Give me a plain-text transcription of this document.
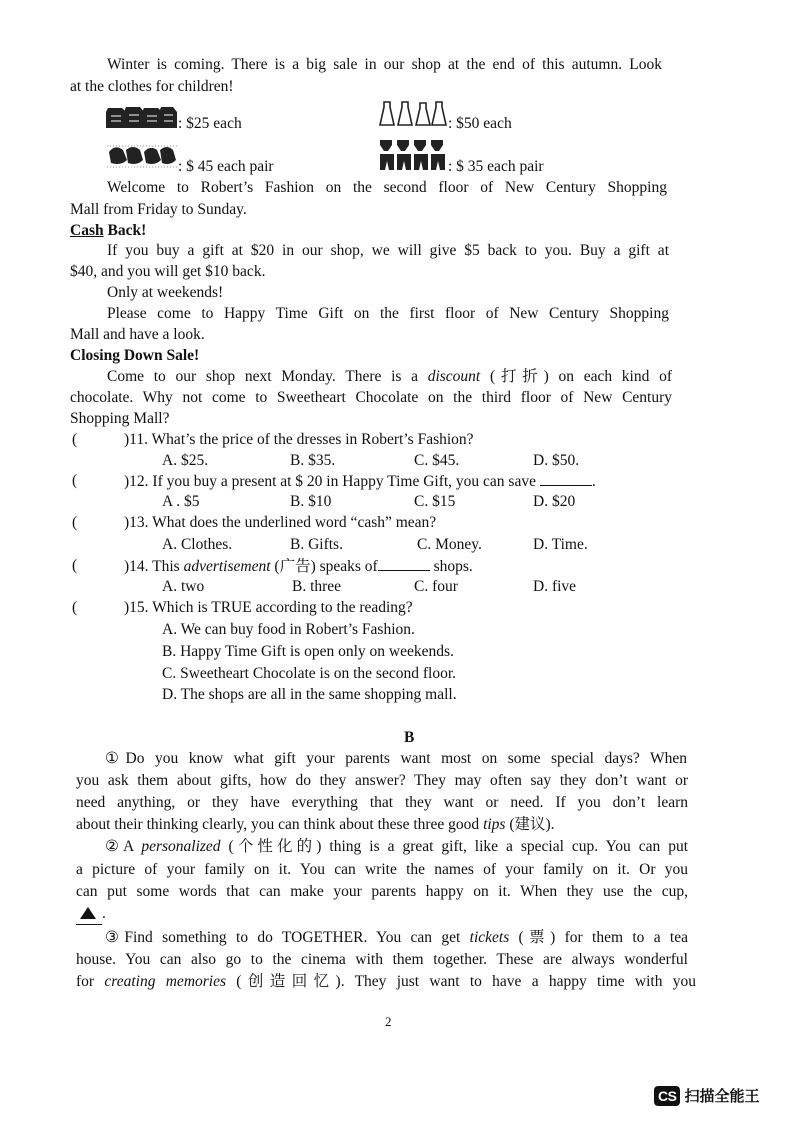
Winter is coming. There is a big sale in our shop at the end of this autumn. Look
at the clothes for children!
: $25 each	: $50 each
: $ 45 each pair	: $ 35 each pair
Welcome to Robert’s Fashion on the second floor of New Century Shopping
Mall from Friday to Sunday.
Cash Back!
If you buy a gift at $20 in our shop, we will give $5 back to you. Buy a gift at
$40, and you will get $10 back.
Only at weekends!
Please come to Happy Time Gift on the first floor of New Century Shopping
Mall and have a look.
Closing Down Sale!
Come to our shop next Monday. There is a discount (打折) on each kind of
chocolate. Why not come to Sweetheart Chocolate on the third floor of New Century
Shopping Mall?
(	)11. What’s the price of the dresses in Robert’s Fashion?
A. $25.	B. $35.	C. $45.	D. $50.
(	)12. If you buy a present at $ 20 in Happy Time Gift, you can save	.
A . $5	B. $10	C. $15	D. $20
(	)13. What does the underlined word “cash” mean?
A. Clothes.	B. Gifts.	C. Money.	D. Time.
(	)14. This advertisement (广告) speaks of	shops.
A. two	B. three	C. four	D. five
(	)15. Which is TRUE according to the reading?
A. We can buy food in Robert’s Fashion.
B. Happy Time Gift is open only on weekends.
C. Sweetheart Chocolate is on the second floor.
D. The shops are all in the same shopping mall.
B
①Do you know what gift your parents want most on some special days? When
you ask them about gifts, how do they answer? They may often say they don’t want or
need anything, or they have everything that they want or need. If you don’t learn
about their thinking clearly, you can think about these three good tips (建议).
②A personalized (个性化的) thing is a great gift, like a special cup. You can put
a picture of your family on it. You can write the names of your family on it. Or you
can put some words that can make your parents happy on it. When they use the cup,
.
③Find something to do TOGETHER. You can get tickets (票) for them to a tea
house. You can also go to the cinema with them together. These are always wonderful
for creating memories (创造回忆). They just want to have a happy time with you
2
CS 扫描全能王
